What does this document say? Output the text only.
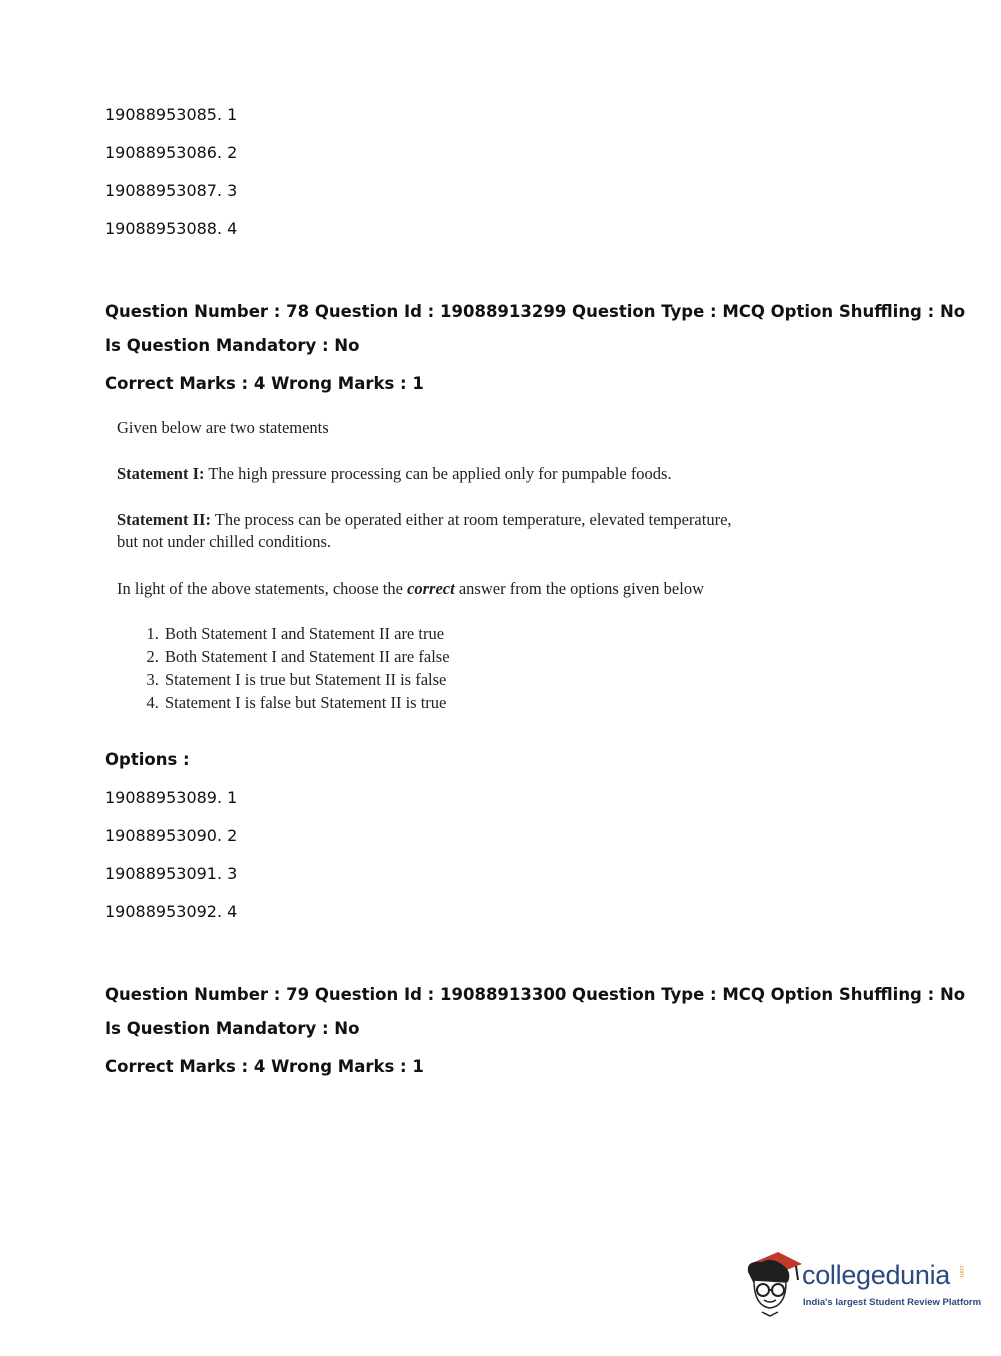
19088953085. 1
19088953086. 2
19088953087. 3
19088953088. 4
Question Number : 78 Question Id : 19088913299 Question Type : MCQ Option Shuffling : No
Is Question Mandatory : No
Correct Marks : 4 Wrong Marks : 1

Given below are two statements

Statement I: The high pressure processing can be applied only for pumpable foods.

Statement II: The process can be operated either at room temperature, elevated temperature, but not under chilled conditions.

In light of the above statements, choose the correct answer from the options given below

1. Both Statement I and Statement II are true
2. Both Statement I and Statement II are false
3. Statement I is true but Statement II is false
4. Statement I is false but Statement II is true
Options :
19088953089. 1
19088953090. 2
19088953091. 3
19088953092. 4
Question Number : 79 Question Id : 19088913300 Question Type : MCQ Option Shuffling : No
Is Question Mandatory : No
Correct Marks : 4 Wrong Marks : 1
collegedunia .com
India's largest Student Review Platform
